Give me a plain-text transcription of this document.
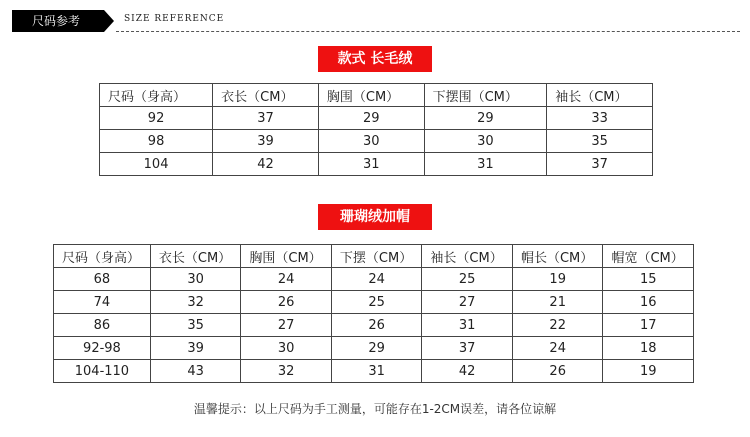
尺码参考	SIZE REFERENCE
款式 长毛绒
尺码（身高）	衣长（CM）	胸围（CM）	下摆围（CM）	袖长（CM）
92	37	29	29	33
98	39	30	30	35
104	42	31	31	37
珊瑚绒加帽
尺码（身高）	衣长（CM）	胸围（CM）	下摆（CM）	袖长（CM）	帽长（CM）	帽宽（CM）
68	30	24	24	25	19	15
74	32	26	25	27	21	16
86	35	27	26	31	22	17
92-98	39	30	29	37	24	18
104-110	43	32	31	42	26	19
温馨提示：以上尺码为手工测量，可能存在1-2CM误差，请各位谅解
